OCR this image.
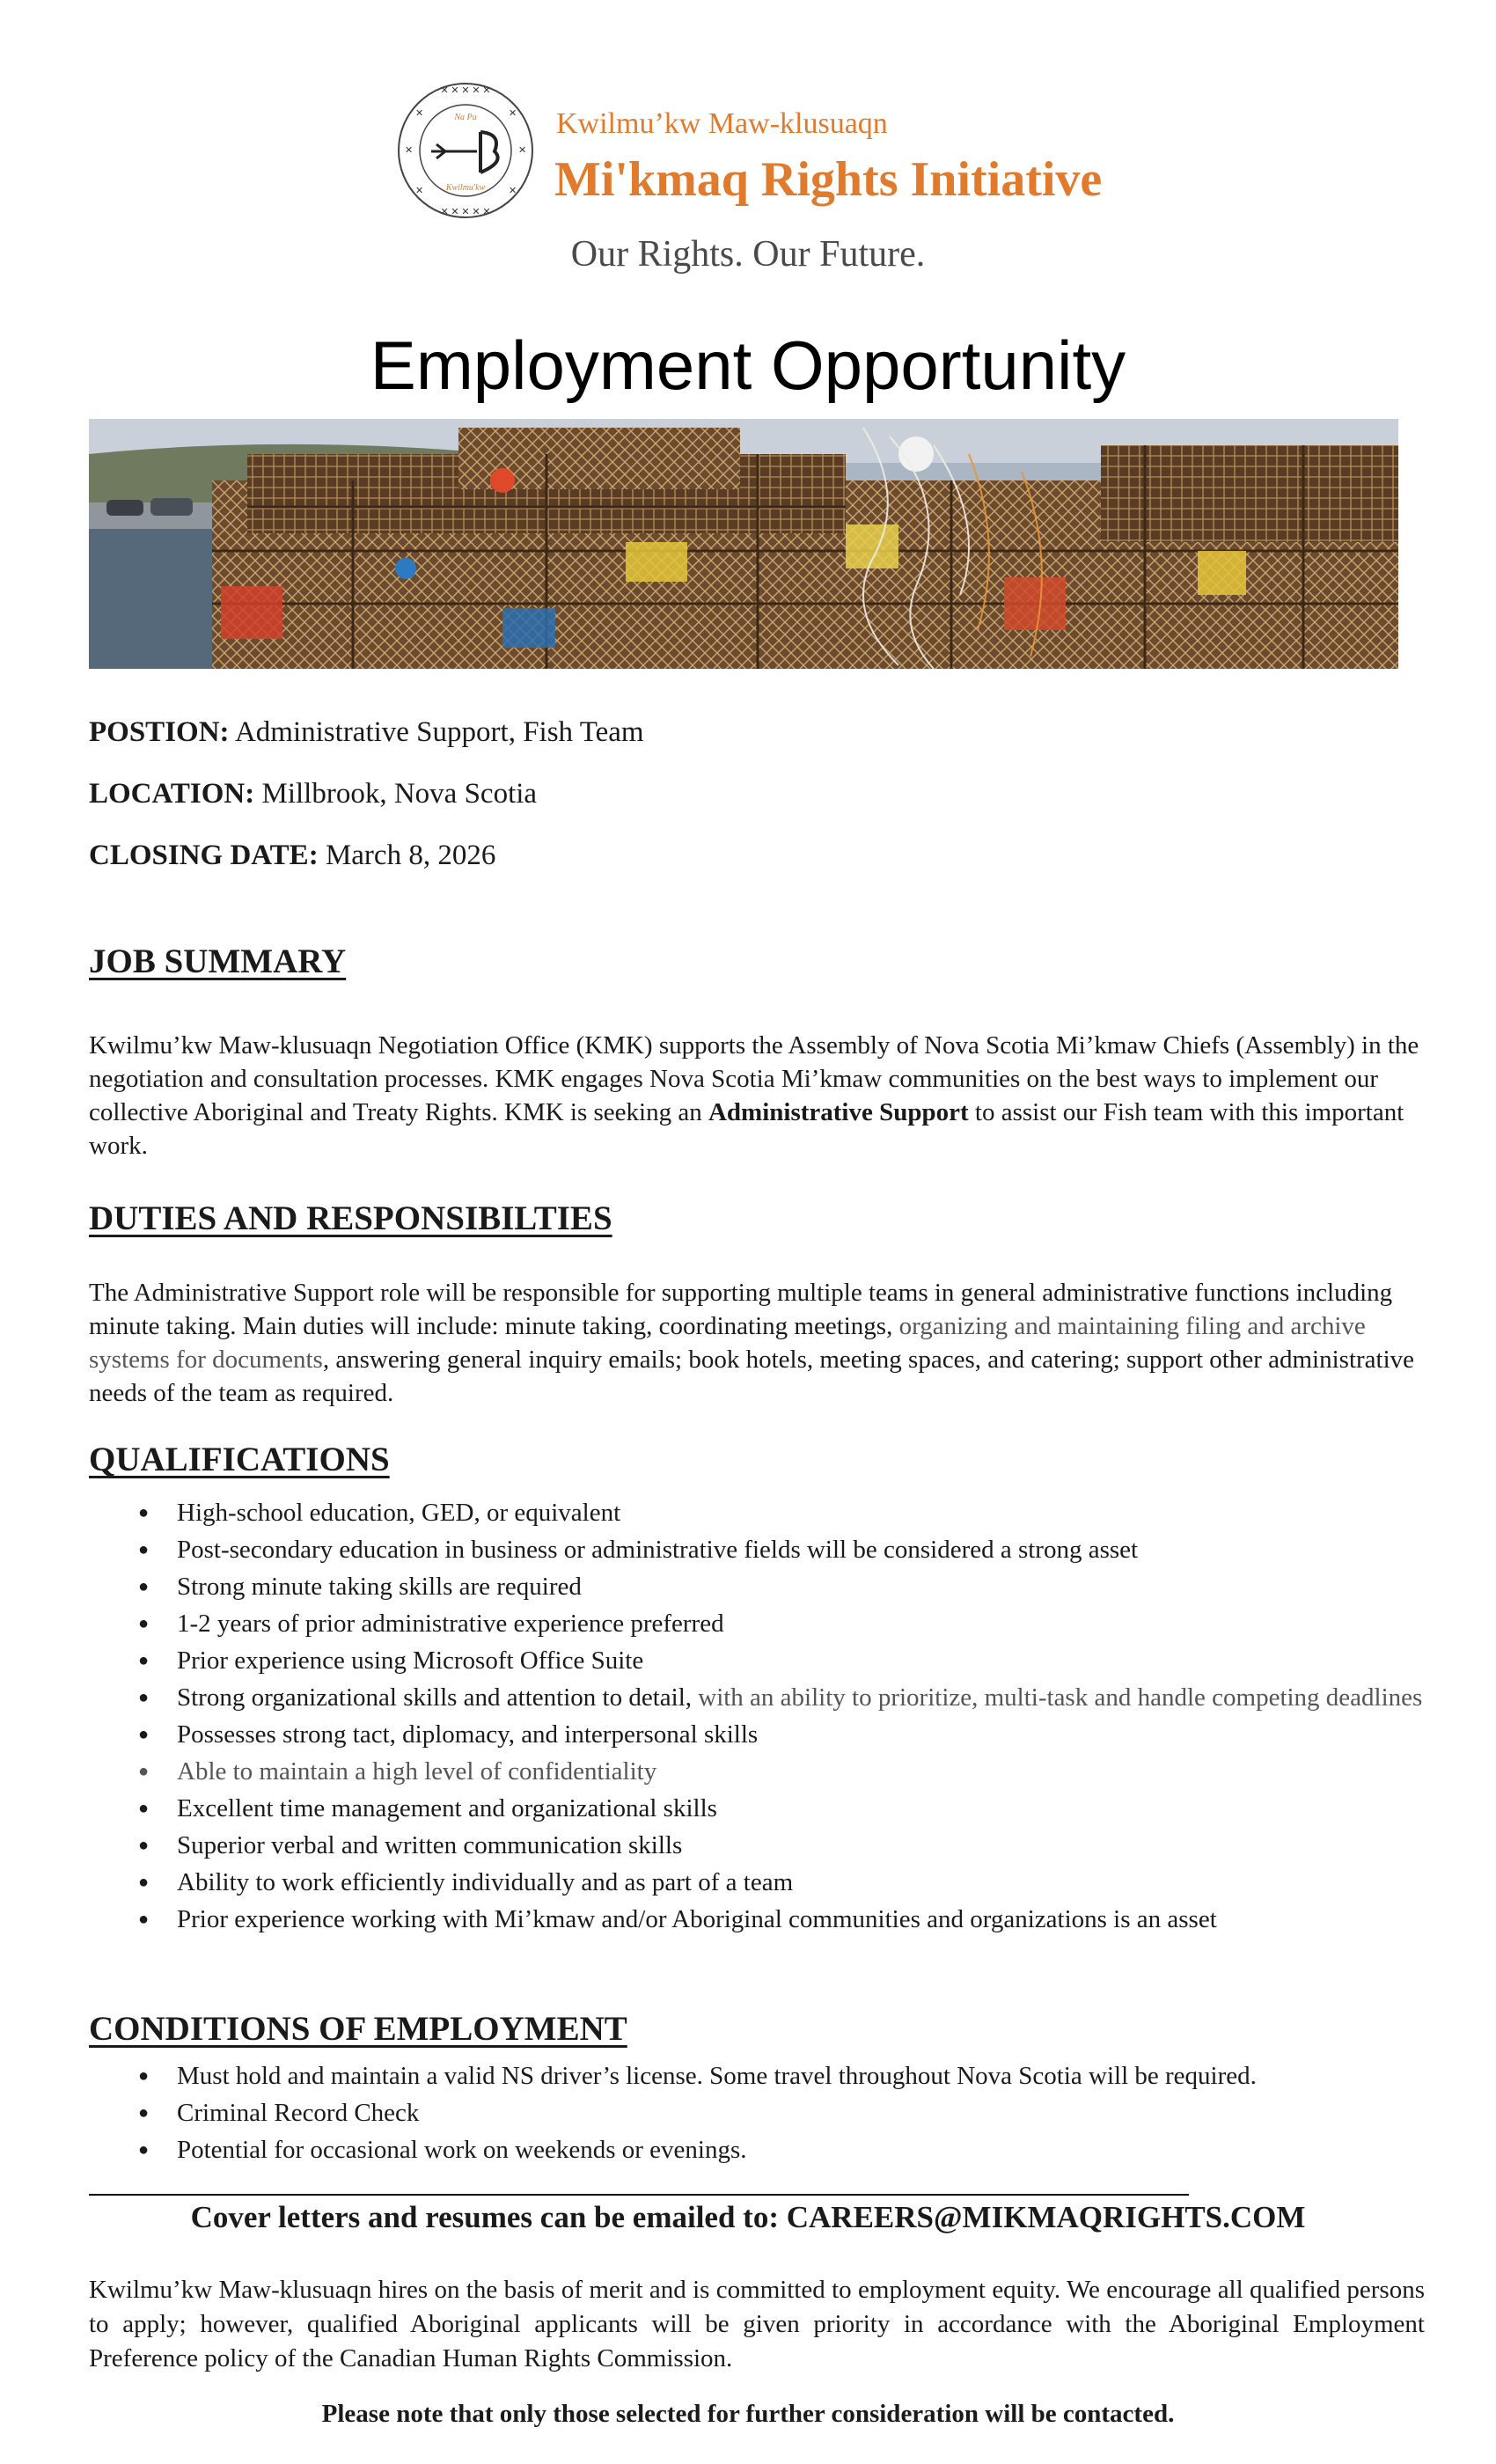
✕ ✕ ✕ ✕ ✕
✕ ✕ ✕ ✕ ✕
✕	✕
✕	✕
✕	✕
Na Pu
Kwilmu'kw
Kwilmu’kw Maw-klusuaqn
Mi'kmaq Rights Initiative
Our Rights. Our Future.
Employment Opportunity
POSTION: Administrative Support, Fish Team
LOCATION: Millbrook, Nova Scotia
CLOSING DATE: March 8, 2026
JOB SUMMARY
Kwilmu’kw Maw-klusuaqn Negotiation Office (KMK) supports the Assembly of Nova Scotia Mi’kmaw Chiefs (Assembly) in the negotiation and consultation processes. KMK engages Nova Scotia Mi’kmaw communities on the best ways to implement our collective Aboriginal and Treaty Rights. KMK is seeking an Administrative Support to assist our Fish team with this important work.
DUTIES AND RESPONSIBILTIES
The Administrative Support role will be responsible for supporting multiple teams in general administrative functions including minute taking. Main duties will include: minute taking, coordinating meetings, organizing and maintaining filing and archive systems for documents, answering general inquiry emails; book hotels, meeting spaces, and catering; support other administrative needs of the team as required.
QUALIFICATIONS
● High-school education, GED, or equivalent
● Post-secondary education in business or administrative fields will be considered a strong asset
● Strong minute taking skills are required
● 1-2 years of prior administrative experience preferred
● Prior experience using Microsoft Office Suite
● Strong organizational skills and attention to detail, with an ability to prioritize, multi-task and handle competing deadlines
● Possesses strong tact, diplomacy, and interpersonal skills
● Able to maintain a high level of confidentiality
● Excellent time management and organizational skills
● Superior verbal and written communication skills
● Ability to work efficiently individually and as part of a team
● Prior experience working with Mi’kmaw and/or Aboriginal communities and organizations is an asset
CONDITIONS OF EMPLOYMENT
● Must hold and maintain a valid NS driver’s license. Some travel throughout Nova Scotia will be required.
● Criminal Record Check
● Potential for occasional work on weekends or evenings.
Cover letters and resumes can be emailed to: CAREERS@MIKMAQRIGHTS.COM
Kwilmu’kw Maw-klusuaqn hires on the basis of merit and is committed to employment equity. We encourage all qualified persons to apply; however, qualified Aboriginal applicants will be given priority in accordance with the Aboriginal Employment Preference policy of the Canadian Human Rights Commission.
Please note that only those selected for further consideration will be contacted.
